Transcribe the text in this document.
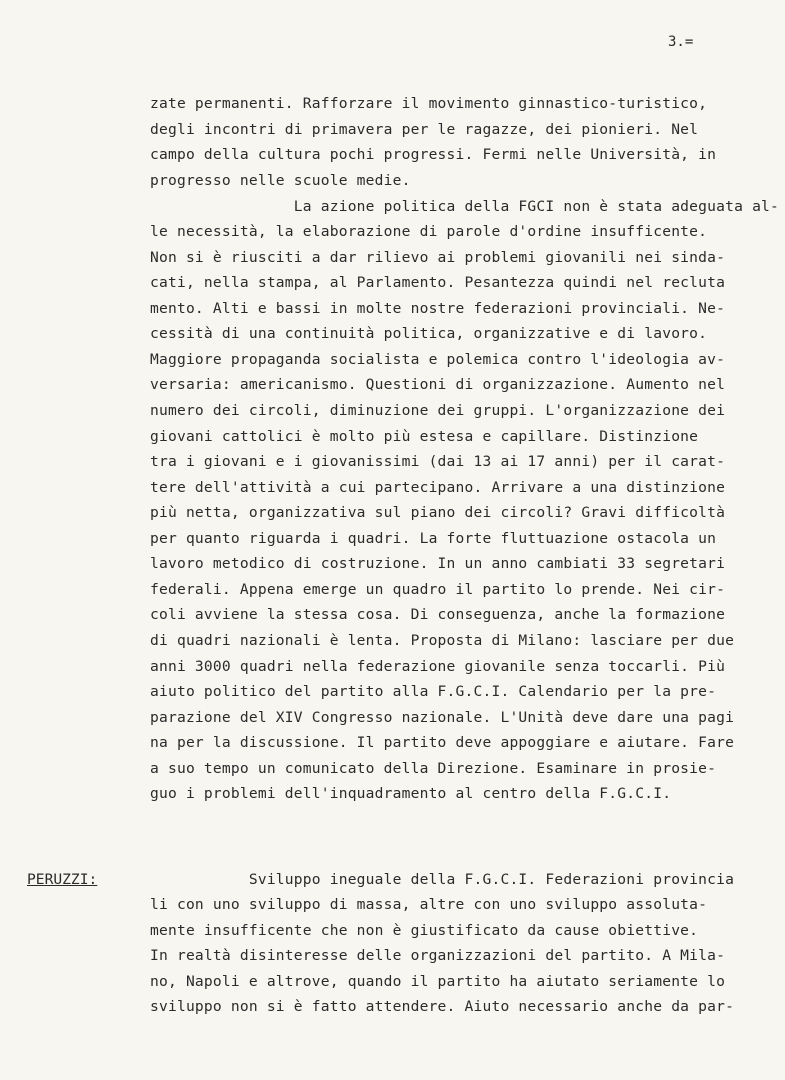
3.=
zate permanenti. Rafforzare il movimento ginnastico-turistico,
degli incontri di primavera per le ragazze, dei pionieri. Nel
campo della cultura pochi progressi. Fermi nelle Università, in
progresso nelle scuole medie.
La azione politica della FGCI non è stata adeguata al-
le necessità, la elaborazione di parole d'ordine insufficente.
Non si è riusciti a dar rilievo ai problemi giovanili nei sinda-
cati, nella stampa, al Parlamento. Pesantezza quindi nel recluta
mento. Alti e bassi in molte nostre federazioni provinciali. Ne-
cessità di una continuità politica, organizzative e di lavoro.
Maggiore propaganda socialista e polemica contro l'ideologia av-
versaria: americanismo. Questioni di organizzazione. Aumento nel
numero dei circoli, diminuzione dei gruppi. L'organizzazione dei
giovani cattolici è molto più estesa e capillare. Distinzione
tra i giovani e i giovanissimi (dai 13 ai 17 anni) per il carat-
tere dell'attività a cui partecipano. Arrivare a una distinzione
più netta, organizzativa sul piano dei circoli? Gravi difficoltà
per quanto riguarda i quadri. La forte fluttuazione ostacola un
lavoro metodico di costruzione. In un anno cambiati 33 segretari
federali. Appena emerge un quadro il partito lo prende. Nei cir-
coli avviene la stessa cosa. Di conseguenza, anche la formazione
di quadri nazionali è lenta. Proposta di Milano: lasciare per due
anni 3000 quadri nella federazione giovanile senza toccarli. Più
aiuto politico del partito alla F.G.C.I. Calendario per la pre-
parazione del XIV Congresso nazionale. L'Unità deve dare una pagi
na per la discussione. Il partito deve appoggiare e aiutare. Fare
a suo tempo un comunicato della Direzione. Esaminare in prosie-
guo i problemi dell'inquadramento al centro della F.G.C.I.
PERUZZI:	Sviluppo ineguale della F.G.C.I. Federazioni provincia
li con uno sviluppo di massa, altre con uno sviluppo assoluta-
mente insufficente che non è giustificato da cause obiettive.
In realtà disinteresse delle organizzazioni del partito. A Mila-
no, Napoli e altrove, quando il partito ha aiutato seriamente lo
sviluppo non si è fatto attendere. Aiuto necessario anche da par-
